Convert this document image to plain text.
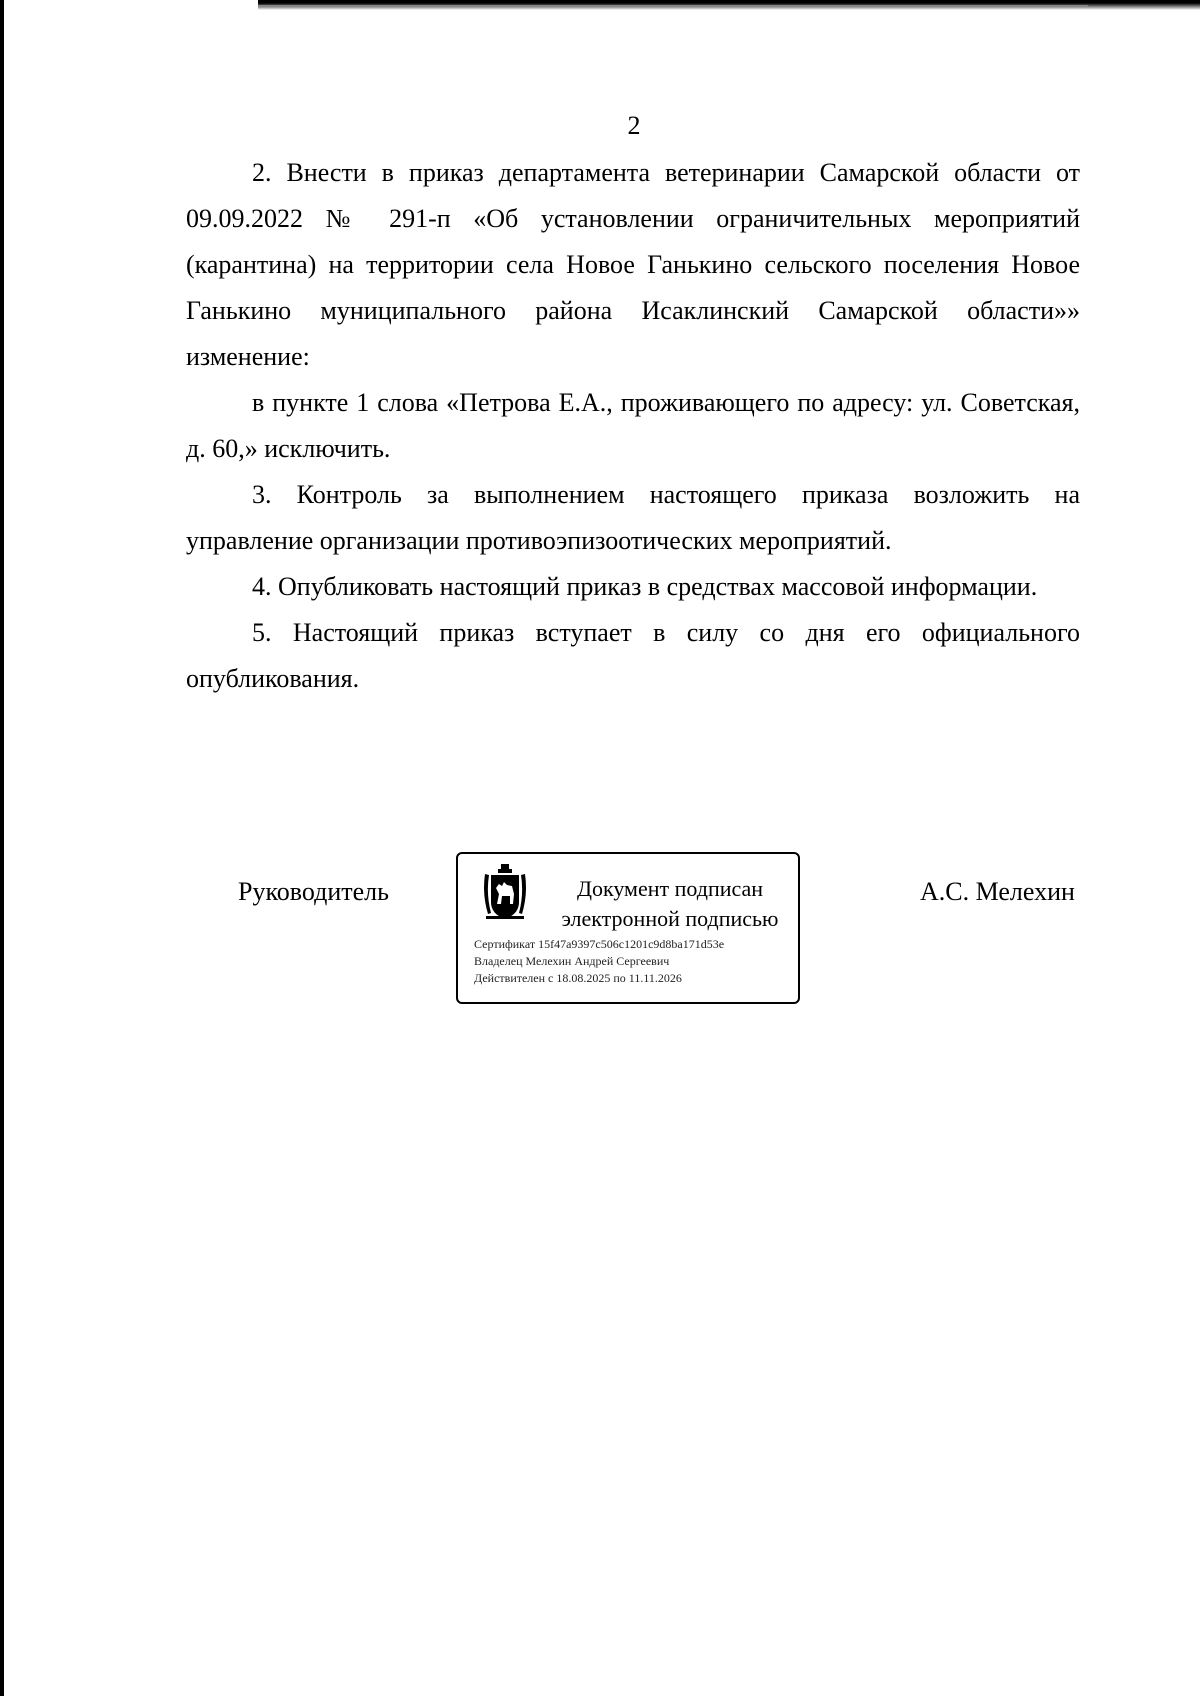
2

2. Внести в приказ департамента ветеринарии Самарской области от 09.09.2022 № 291-п «Об установлении ограничительных мероприятий (карантина) на территории села Новое Ганькино сельского поселения Новое Ганькино муниципального района Исаклинский Самарской области»» изменение:

в пункте 1 слова «Петрова Е.А., проживающего по адресу: ул. Советская, д. 60,» исключить.

3. Контроль за выполнением настоящего приказа возложить на управление организации противоэпизоотических мероприятий.

4. Опубликовать настоящий приказ в средствах массовой информации.

5. Настоящий приказ вступает в силу со дня его официального опубликования.

Руководитель	Документ подписан
электронной подписью
Сертификат 15f47a9397c506c1201c9d8ba171d53e
Владелец Мелехин Андрей Сергеевич
Действителен с 18.08.2025 по 11.11.2026
А.С. Мелехин
